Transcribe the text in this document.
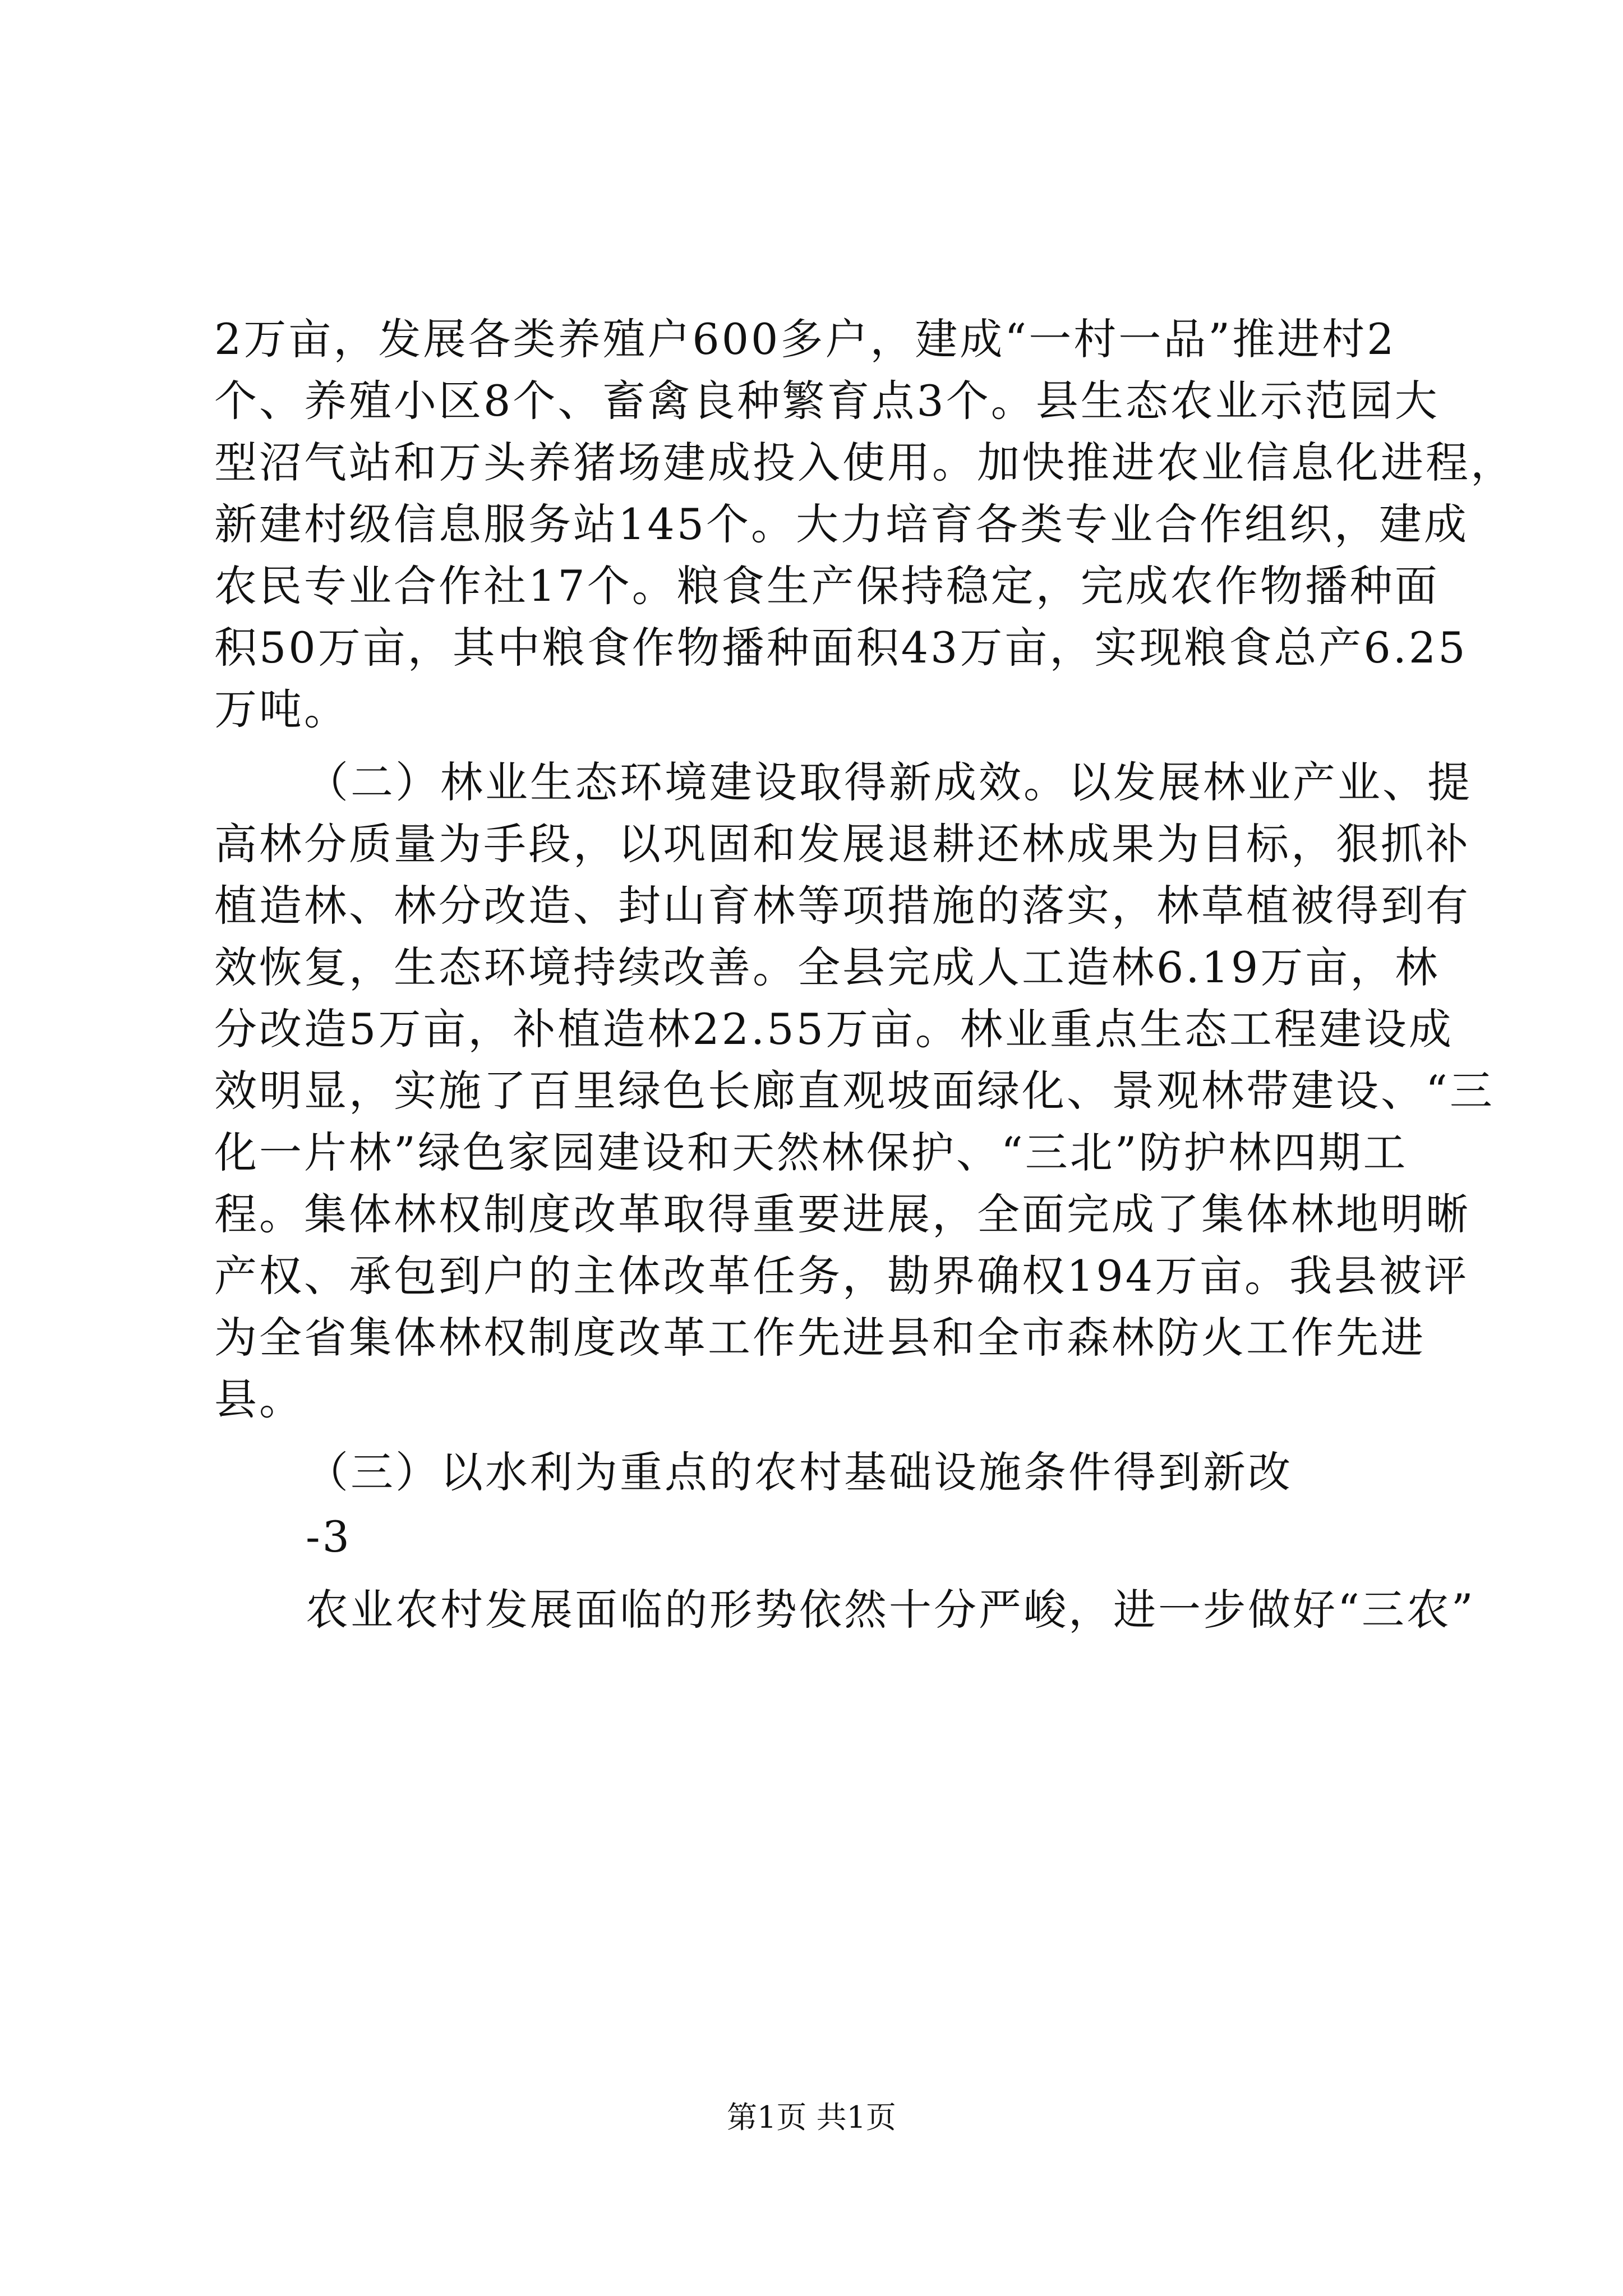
2万亩，发展各类养殖户600多户，建成“一村一品”推进村2
个、养殖小区8个、畜禽良种繁育点3个。县生态农业示范园大
型沼气站和万头养猪场建成投入使用。加快推进农业信息化进程，
新建村级信息服务站145个。大力培育各类专业合作组织，建成
农民专业合作社17个。粮食生产保持稳定，完成农作物播种面
积50万亩，其中粮食作物播种面积43万亩，实现粮食总产6.25
万吨。
（二）林业生态环境建设取得新成效。以发展林业产业、提
高林分质量为手段，以巩固和发展退耕还林成果为目标，狠抓补
植造林、林分改造、封山育林等项措施的落实，林草植被得到有
效恢复，生态环境持续改善。全县完成人工造林6.19万亩，林
分改造5万亩，补植造林22.55万亩。林业重点生态工程建设成
效明显，实施了百里绿色长廊直观坡面绿化、景观林带建设、“三
化一片林”绿色家园建设和天然林保护、“三北”防护林四期工
程。集体林权制度改革取得重要进展，全面完成了集体林地明晰
产权、承包到户的主体改革任务，勘界确权194万亩。我县被评
为全省集体林权制度改革工作先进县和全市森林防火工作先进
县。
（三）以水利为重点的农村基础设施条件得到新改
-3
农业农村发展面临的形势依然十分严峻，进一步做好“三农”
第1页 共1页
